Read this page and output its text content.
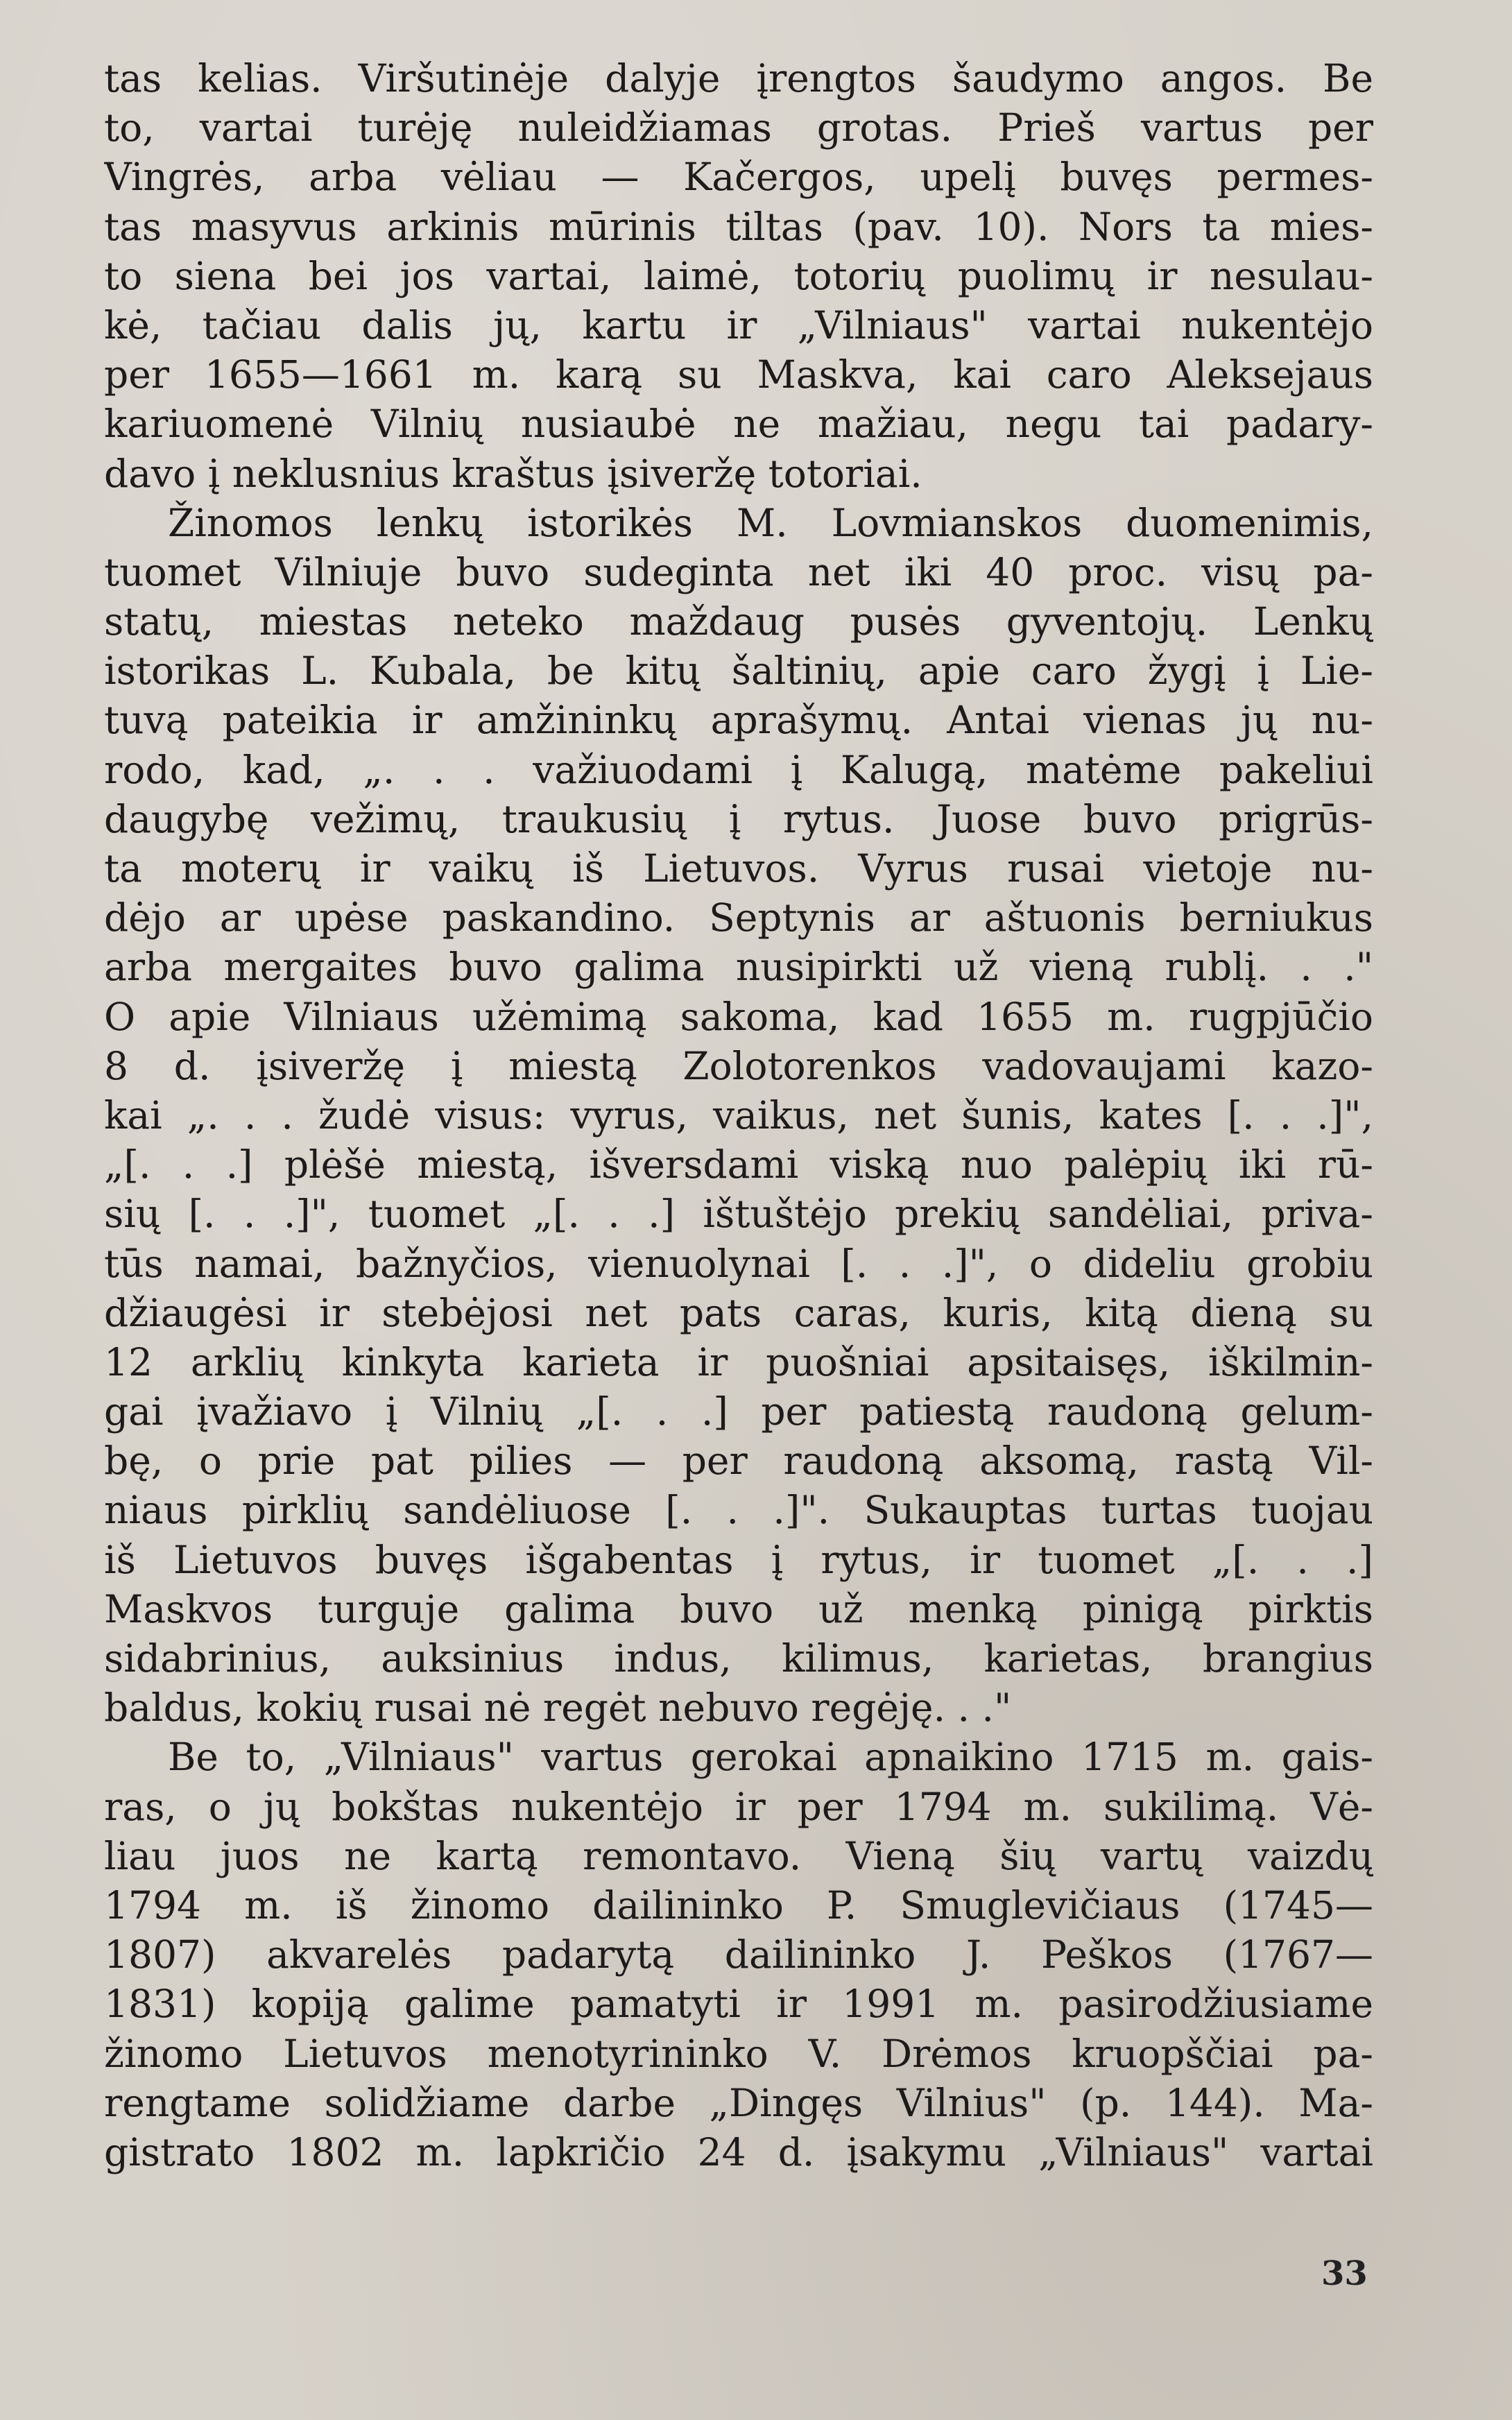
tas kelias. Viršutinėje dalyje įrengtos šaudymo angos. Be
to, vartai turėję nuleidžiamas grotas. Prieš vartus per
Vingrės, arba vėliau — Kačergos, upelį buvęs permes-
tas masyvus arkinis mūrinis tiltas (pav. 10). Nors ta mies-
to siena bei jos vartai, laimė, totorių puolimų ir nesulau-
kė, tačiau dalis jų, kartu ir „Vilniaus" vartai nukentėjo
per 1655—1661 m. karą su Maskva, kai caro Aleksejaus
kariuomenė Vilnių nusiaubė ne mažiau, negu tai padary-
davo į neklusnius kraštus įsiveržę totoriai.
Žinomos lenkų istorikės M. Lovmianskos duomenimis,
tuomet Vilniuje buvo sudeginta net iki 40 proc. visų pa-
statų, miestas neteko maždaug pusės gyventojų. Lenkų
istorikas L. Kubala, be kitų šaltinių, apie caro žygį į Lie-
tuvą pateikia ir amžininkų aprašymų. Antai vienas jų nu-
rodo, kad, „. . . važiuodami į Kalugą, matėme pakeliui
daugybę vežimų, traukusių į rytus. Juose buvo prigrūs-
ta moterų ir vaikų iš Lietuvos. Vyrus rusai vietoje nu-
dėjo ar upėse paskandino. Septynis ar aštuonis berniukus
arba mergaites buvo galima nusipirkti už vieną rublį. . ."
O apie Vilniaus užėmimą sakoma, kad 1655 m. rugpjūčio
8 d. įsiveržę į miestą Zolotorenkos vadovaujami kazo-
kai „. . . žudė visus: vyrus, vaikus, net šunis, kates [. . .]",
„[. . .] plėšė miestą, išversdami viską nuo palėpių iki rū-
sių [. . .]", tuomet „[. . .] ištuštėjo prekių sandėliai, priva-
tūs namai, bažnyčios, vienuolynai [. . .]", o dideliu grobiu
džiaugėsi ir stebėjosi net pats caras, kuris, kitą dieną su
12 arklių kinkyta karieta ir puošniai apsitaisęs, iškilmin-
gai įvažiavo į Vilnių „[. . .] per patiestą raudoną gelum-
bę, o prie pat pilies — per raudoną aksomą, rastą Vil-
niaus pirklių sandėliuose [. . .]". Sukauptas turtas tuojau
iš Lietuvos buvęs išgabentas į rytus, ir tuomet „[. . .]
Maskvos turguje galima buvo už menką pinigą pirktis
sidabrinius, auksinius indus, kilimus, karietas, brangius
baldus, kokių rusai nė regėt nebuvo regėję. . ."
Be to, „Vilniaus" vartus gerokai apnaikino 1715 m. gais-
ras, o jų bokštas nukentėjo ir per 1794 m. sukilimą. Vė-
liau juos ne kartą remontavo. Vieną šių vartų vaizdų
1794 m. iš žinomo dailininko P. Smuglevičiaus (1745—
1807) akvarelės padarytą dailininko J. Peškos (1767—
1831) kopiją galime pamatyti ir 1991 m. pasirodžiusiame
žinomo Lietuvos menotyrininko V. Drėmos kruopščiai pa-
rengtame solidžiame darbe „Dingęs Vilnius" (p. 144). Ma-
gistrato 1802 m. lapkričio 24 d. įsakymu „Vilniaus" vartai
33
